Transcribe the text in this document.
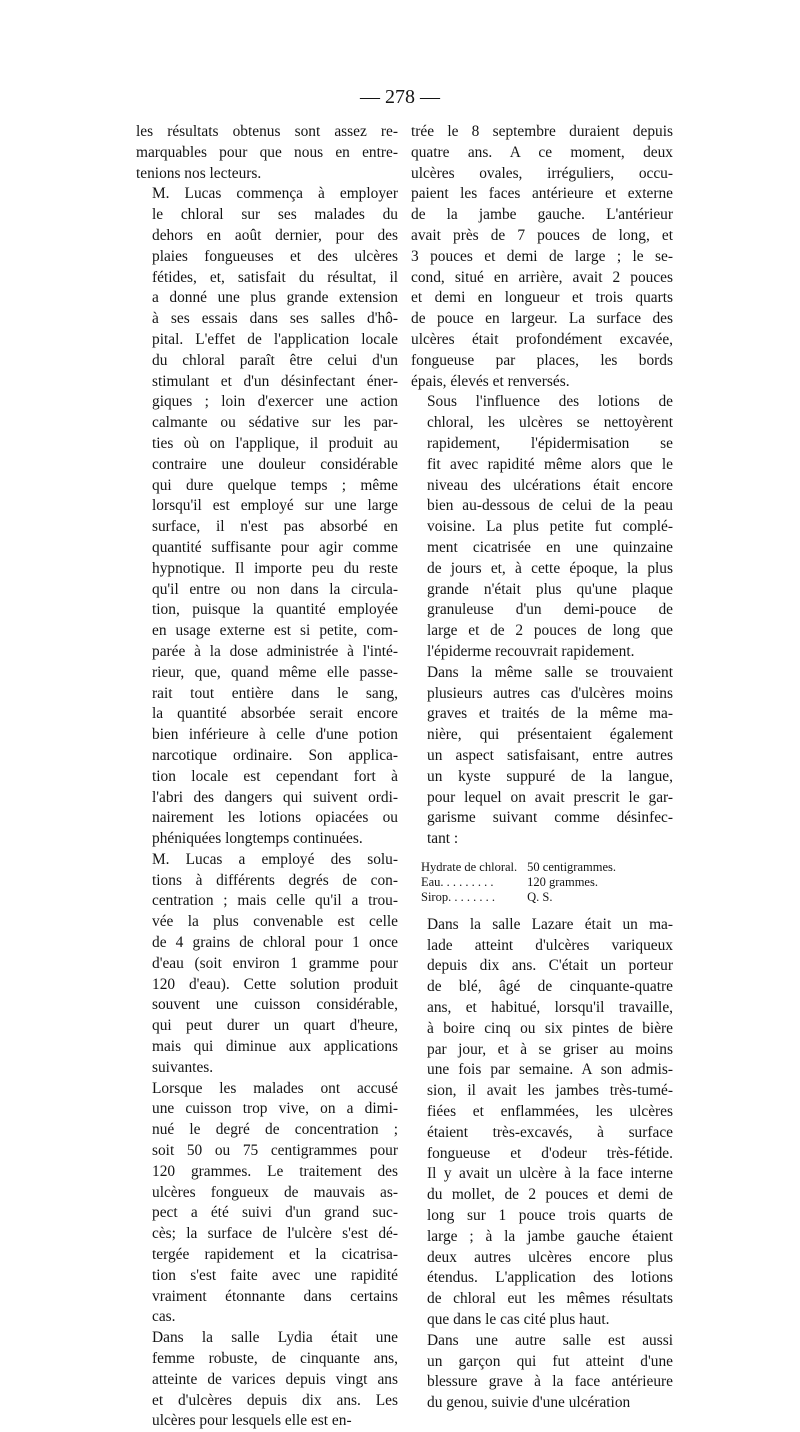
— 278 —

les résultats obtenus sont assez re-
marquables pour que nous en entre-
tenions nos lecteurs.

M. Lucas commença à employer
le chloral sur ses malades du
dehors en août dernier, pour des
plaies fongueuses et des ulcères
fétides, et, satisfait du résultat, il
a donné une plus grande extension
à ses essais dans ses salles d'hô-
pital. L'effet de l'application locale
du chloral paraît être celui d'un
stimulant et d'un désinfectant éner-
giques ; loin d'exercer une action
calmante ou sédative sur les par-
ties où on l'applique, il produit au
contraire une douleur considérable
qui dure quelque temps ; même
lorsqu'il est employé sur une large
surface, il n'est pas absorbé en
quantité suffisante pour agir comme
hypnotique. Il importe peu du reste
qu'il entre ou non dans la circula-
tion, puisque la quantité employée
en usage externe est si petite, com-
parée à la dose administrée à l'inté-
rieur, que, quand même elle passe-
rait tout entière dans le sang,
la quantité absorbée serait encore
bien inférieure à celle d'une potion
narcotique ordinaire. Son applica-
tion locale est cependant fort à
l'abri des dangers qui suivent ordi-
nairement les lotions opiacées ou
phéniquées longtemps continuées.

M. Lucas a employé des solu-
tions à différents degrés de con-
centration ; mais celle qu'il a trou-
vée la plus convenable est celle
de 4 grains de chloral pour 1 once
d'eau (soit environ 1 gramme pour
120 d'eau). Cette solution produit
souvent une cuisson considérable,
qui peut durer un quart d'heure,
mais qui diminue aux applications
suivantes.

Lorsque les malades ont accusé
une cuisson trop vive, on a dimi-
nué le degré de concentration ;
soit 50 ou 75 centigrammes pour
120 grammes. Le traitement des
ulcères fongueux de mauvais as-
pect a été suivi d'un grand suc-
cès; la surface de l'ulcère s'est dé-
tergée rapidement et la cicatrisa-
tion s'est faite avec une rapidité
vraiment étonnante dans certains
cas.

Dans la salle Lydia était une
femme robuste, de cinquante ans,
atteinte de varices depuis vingt ans
et d'ulcères depuis dix ans. Les
ulcères pour lesquels elle est en-

trée le 8 septembre duraient depuis
quatre ans. A ce moment, deux
ulcères ovales, irréguliers, occu-
paient les faces antérieure et externe
de la jambe gauche. L'antérieur
avait près de 7 pouces de long, et
3 pouces et demi de large ; le se-
cond, situé en arrière, avait 2 pouces
et demi en longueur et trois quarts
de pouce en largeur. La surface des
ulcères était profondément excavée,
fongueuse par places, les bords
épais, élevés et renversés.

Sous l'influence des lotions de
chloral, les ulcères se nettoyèrent
rapidement, l'épidermisation se
fit avec rapidité même alors que le
niveau des ulcérations était encore
bien au-dessous de celui de la peau
voisine. La plus petite fut complé-
ment cicatrisée en une quinzaine
de jours et, à cette époque, la plus
grande n'était plus qu'une plaque
granuleuse d'un demi-pouce de
large et de 2 pouces de long que
l'épiderme recouvrait rapidement.

Dans la même salle se trouvaient
plusieurs autres cas d'ulcères moins
graves et traités de la même ma-
nière, qui présentaient également
un aspect satisfaisant, entre autres
un kyste suppuré de la langue,
pour lequel on avait prescrit le gar-
garisme suivant comme désinfec-
tant :

Hydrate de chloral.	50 centigrammes.
Eau. . . . . . . . .	120 grammes.
Sirop. . . . . . . .	Q. S.

Dans la salle Lazare était un ma-
lade atteint d'ulcères variqueux
depuis dix ans. C'était un porteur
de blé, âgé de cinquante-quatre
ans, et habitué, lorsqu'il travaille,
à boire cinq ou six pintes de bière
par jour, et à se griser au moins
une fois par semaine. A son admis-
sion, il avait les jambes très-tumé-
fiées et enflammées, les ulcères
étaient très-excavés, à surface
fongueuse et d'odeur très-fétide.
Il y avait un ulcère à la face interne
du mollet, de 2 pouces et demi de
long sur 1 pouce trois quarts de
large ; à la jambe gauche étaient
deux autres ulcères encore plus
étendus. L'application des lotions
de chloral eut les mêmes résultats
que dans le cas cité plus haut.

Dans une autre salle est aussi
un garçon qui fut atteint d'une
blessure grave à la face antérieure
du genou, suivie d'une ulcération
